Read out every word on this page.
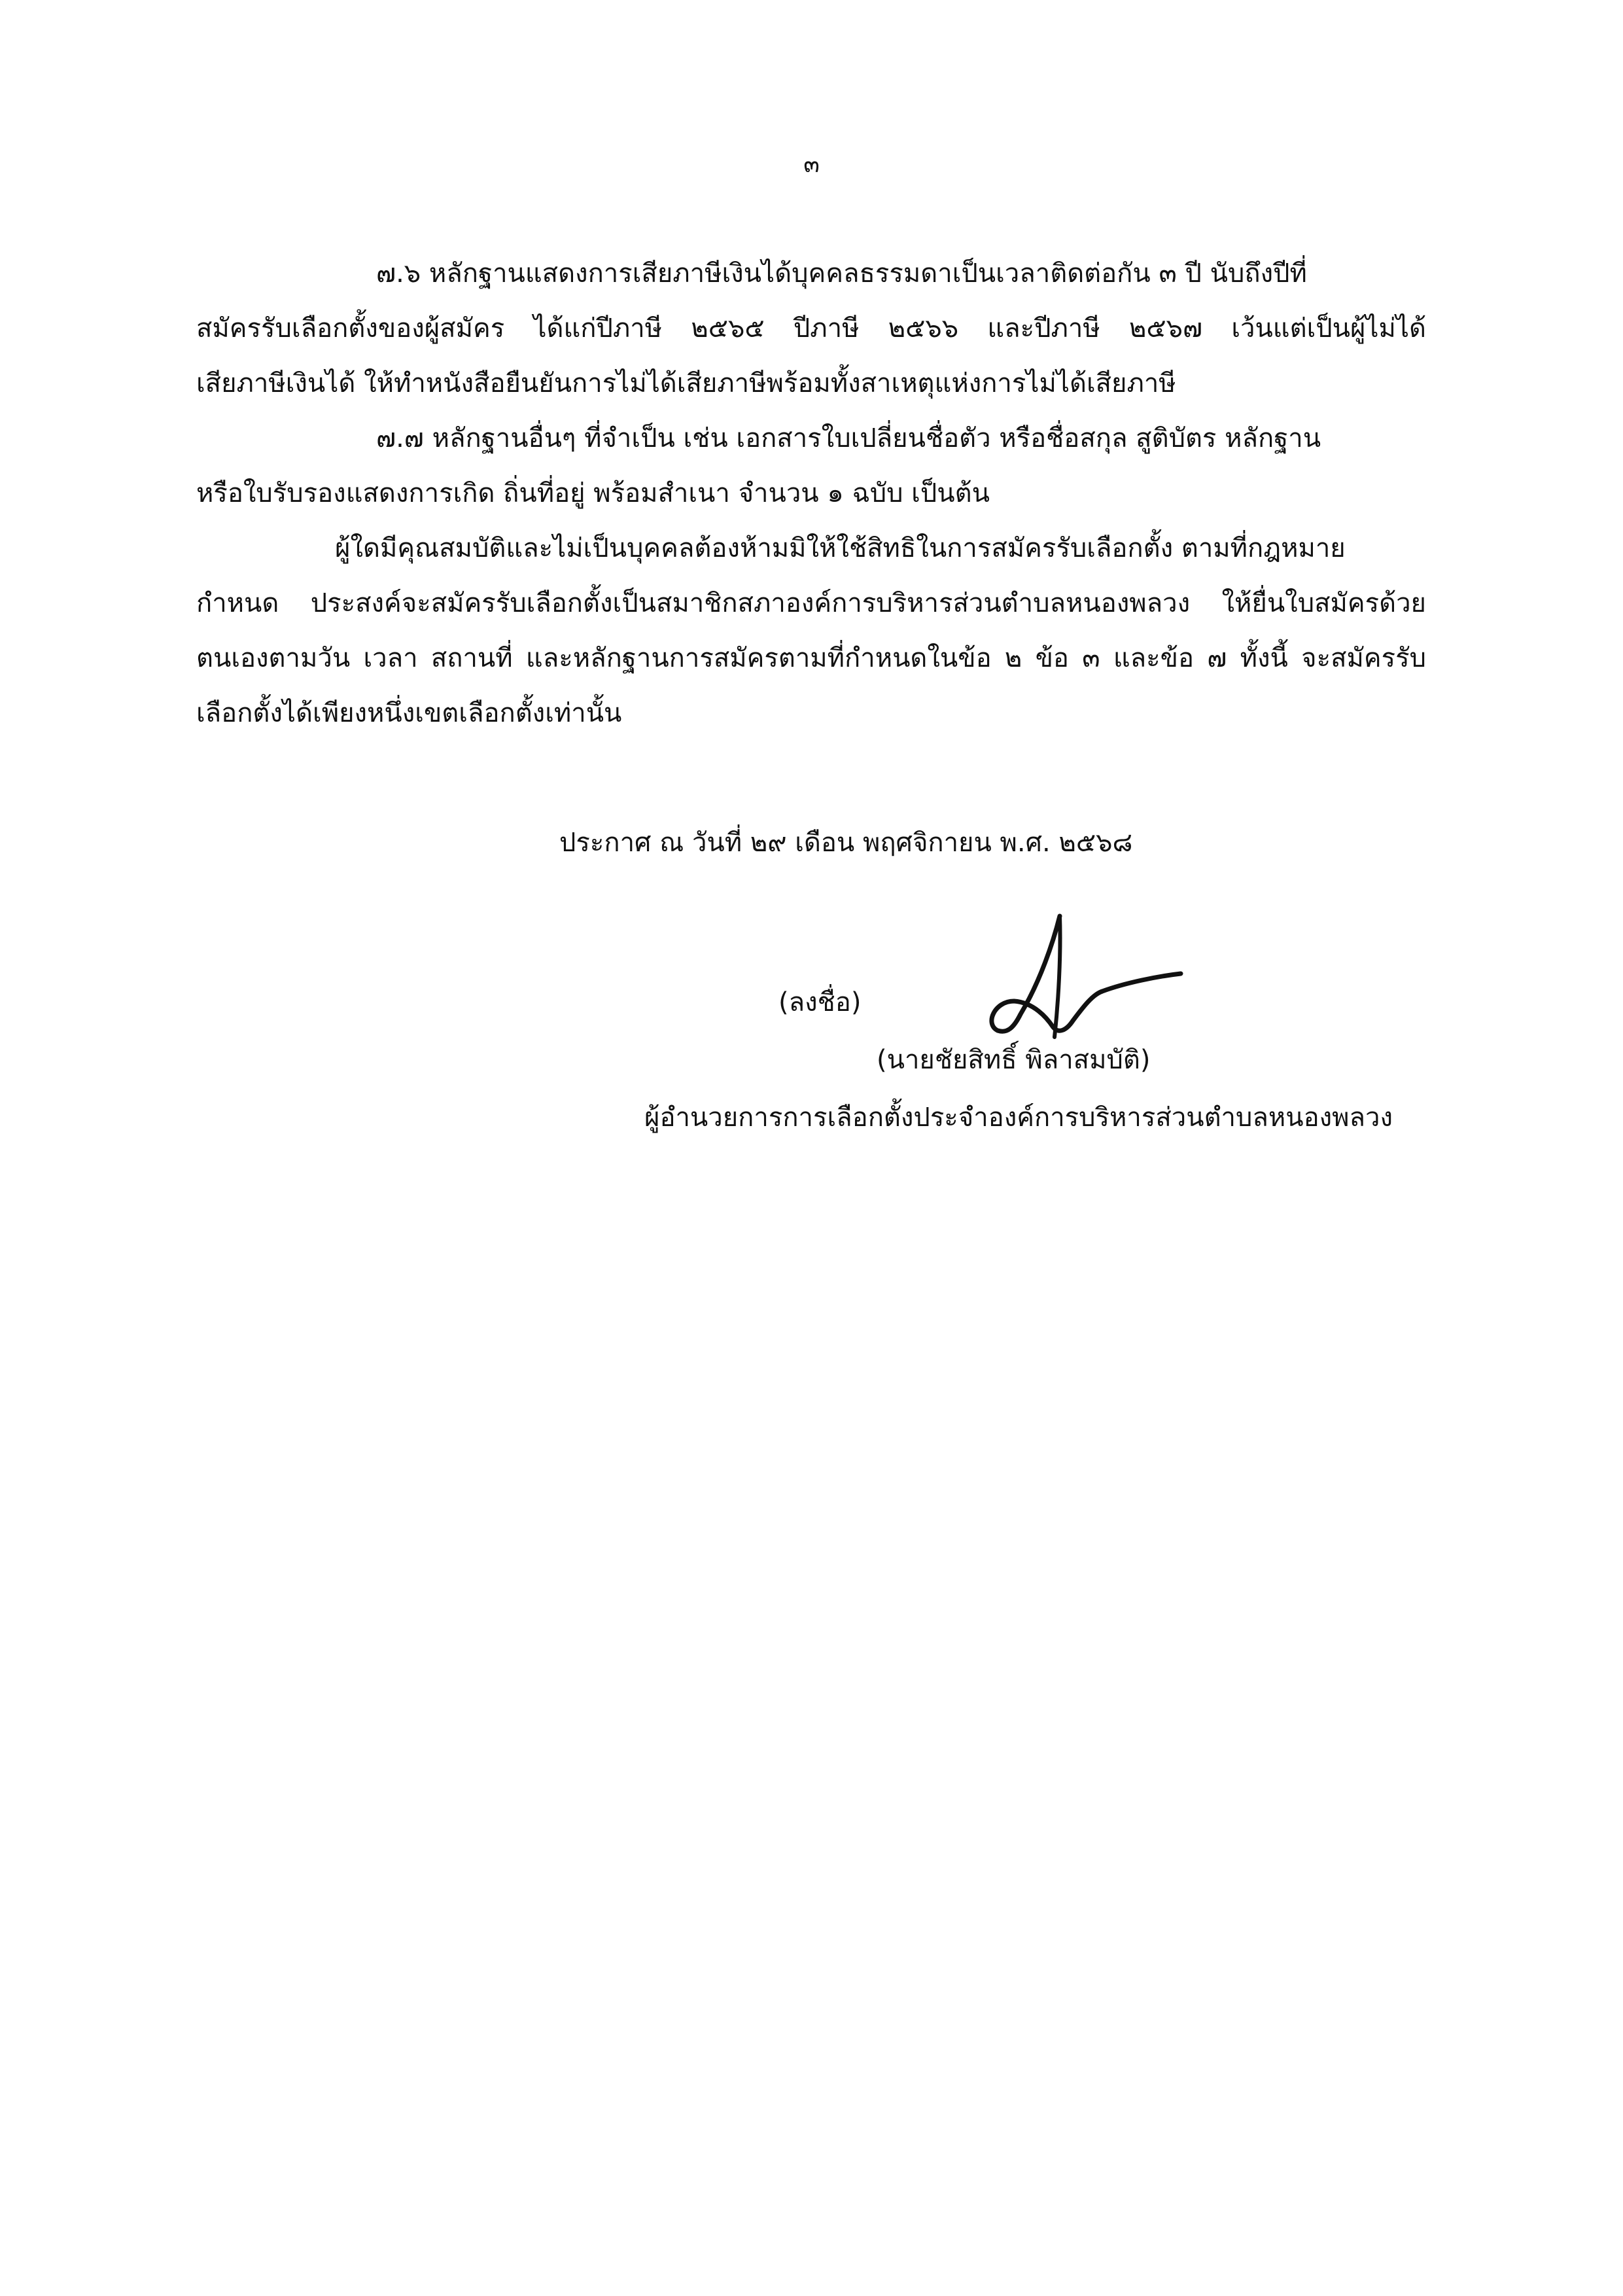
๓
๗.๖ หลักฐานแสดงการเสียภาษีเงินได้บุคคลธรรมดาเป็นเวลาติดต่อกัน ๓ ปี นับถึงปีที่
สมัครรับเลือกตั้งของผู้สมัคร ได้แก่ปีภาษี ๒๕๖๕ ปีภาษี ๒๕๖๖ และปีภาษี ๒๕๖๗ เว้นแต่เป็นผู้ไม่ได้
เสียภาษีเงินได้ ให้ทำหนังสือยืนยันการไม่ได้เสียภาษีพร้อมทั้งสาเหตุแห่งการไม่ได้เสียภาษี
๗.๗ หลักฐานอื่นๆ ที่จำเป็น เช่น เอกสารใบเปลี่ยนชื่อตัว หรือชื่อสกุล สูติบัตร หลักฐาน
หรือใบรับรองแสดงการเกิด ถิ่นที่อยู่ พร้อมสำเนา จำนวน ๑ ฉบับ เป็นต้น
ผู้ใดมีคุณสมบัติและไม่เป็นบุคคลต้องห้ามมิให้ใช้สิทธิในการสมัครรับเลือกตั้ง ตามที่กฎหมาย
กำหนด ประสงค์จะสมัครรับเลือกตั้งเป็นสมาชิกสภาองค์การบริหารส่วนตำบลหนองพลวง ให้ยื่นใบสมัครด้วย
ตนเองตามวัน เวลา สถานที่ และหลักฐานการสมัครตามที่กำหนดในข้อ ๒ ข้อ ๓ และข้อ ๗ ทั้งนี้ จะสมัครรับ
เลือกตั้งได้เพียงหนึ่งเขตเลือกตั้งเท่านั้น
ประกาศ ณ วันที่ ๒๙ เดือน พฤศจิกายน พ.ศ. ๒๕๖๘
(ลงชื่อ)
(นายชัยสิทธิ์ พิลาสมบัติ)
ผู้อำนวยการการเลือกตั้งประจำองค์การบริหารส่วนตำบลหนองพลวง
